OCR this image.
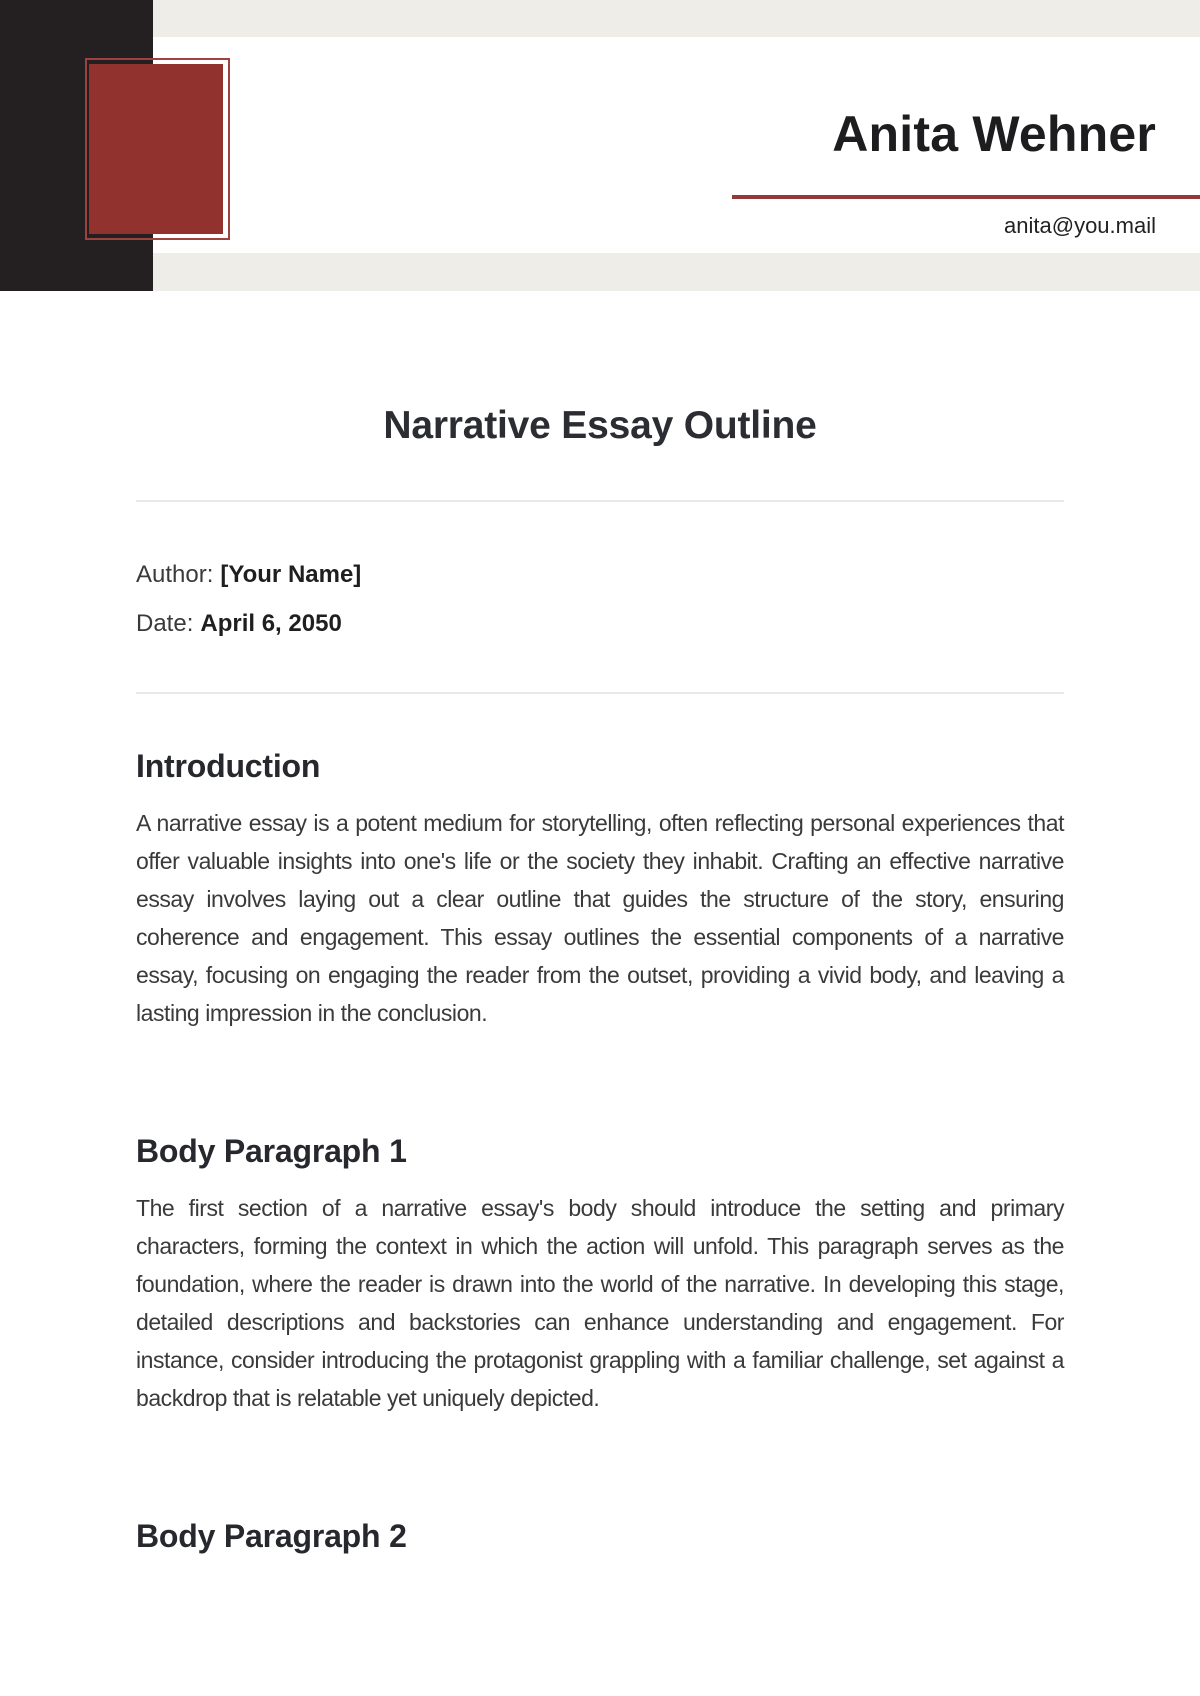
Anita Wehner
anita@you.mail
Narrative Essay Outline

Author: [Your Name]

Date: April 6, 2050

Introduction

A narrative essay is a potent medium for storytelling, often reflecting personal experiences that offer valuable insights into one's life or the society they inhabit. Crafting an effective narrative essay involves laying out a clear outline that guides the structure of the story, ensuring coherence and engagement. This essay outlines the essential components of a narrative essay, focusing on engaging the reader from the outset, providing a vivid body, and leaving a lasting impression in the conclusion.

Body Paragraph 1

The first section of a narrative essay's body should introduce the setting and primary characters, forming the context in which the action will unfold. This paragraph serves as the foundation, where the reader is drawn into the world of the narrative. In developing this stage, detailed descriptions and backstories can enhance understanding and engagement. For instance, consider introducing the protagonist grappling with a familiar challenge, set against a backdrop that is relatable yet uniquely depicted.

Body Paragraph 2
